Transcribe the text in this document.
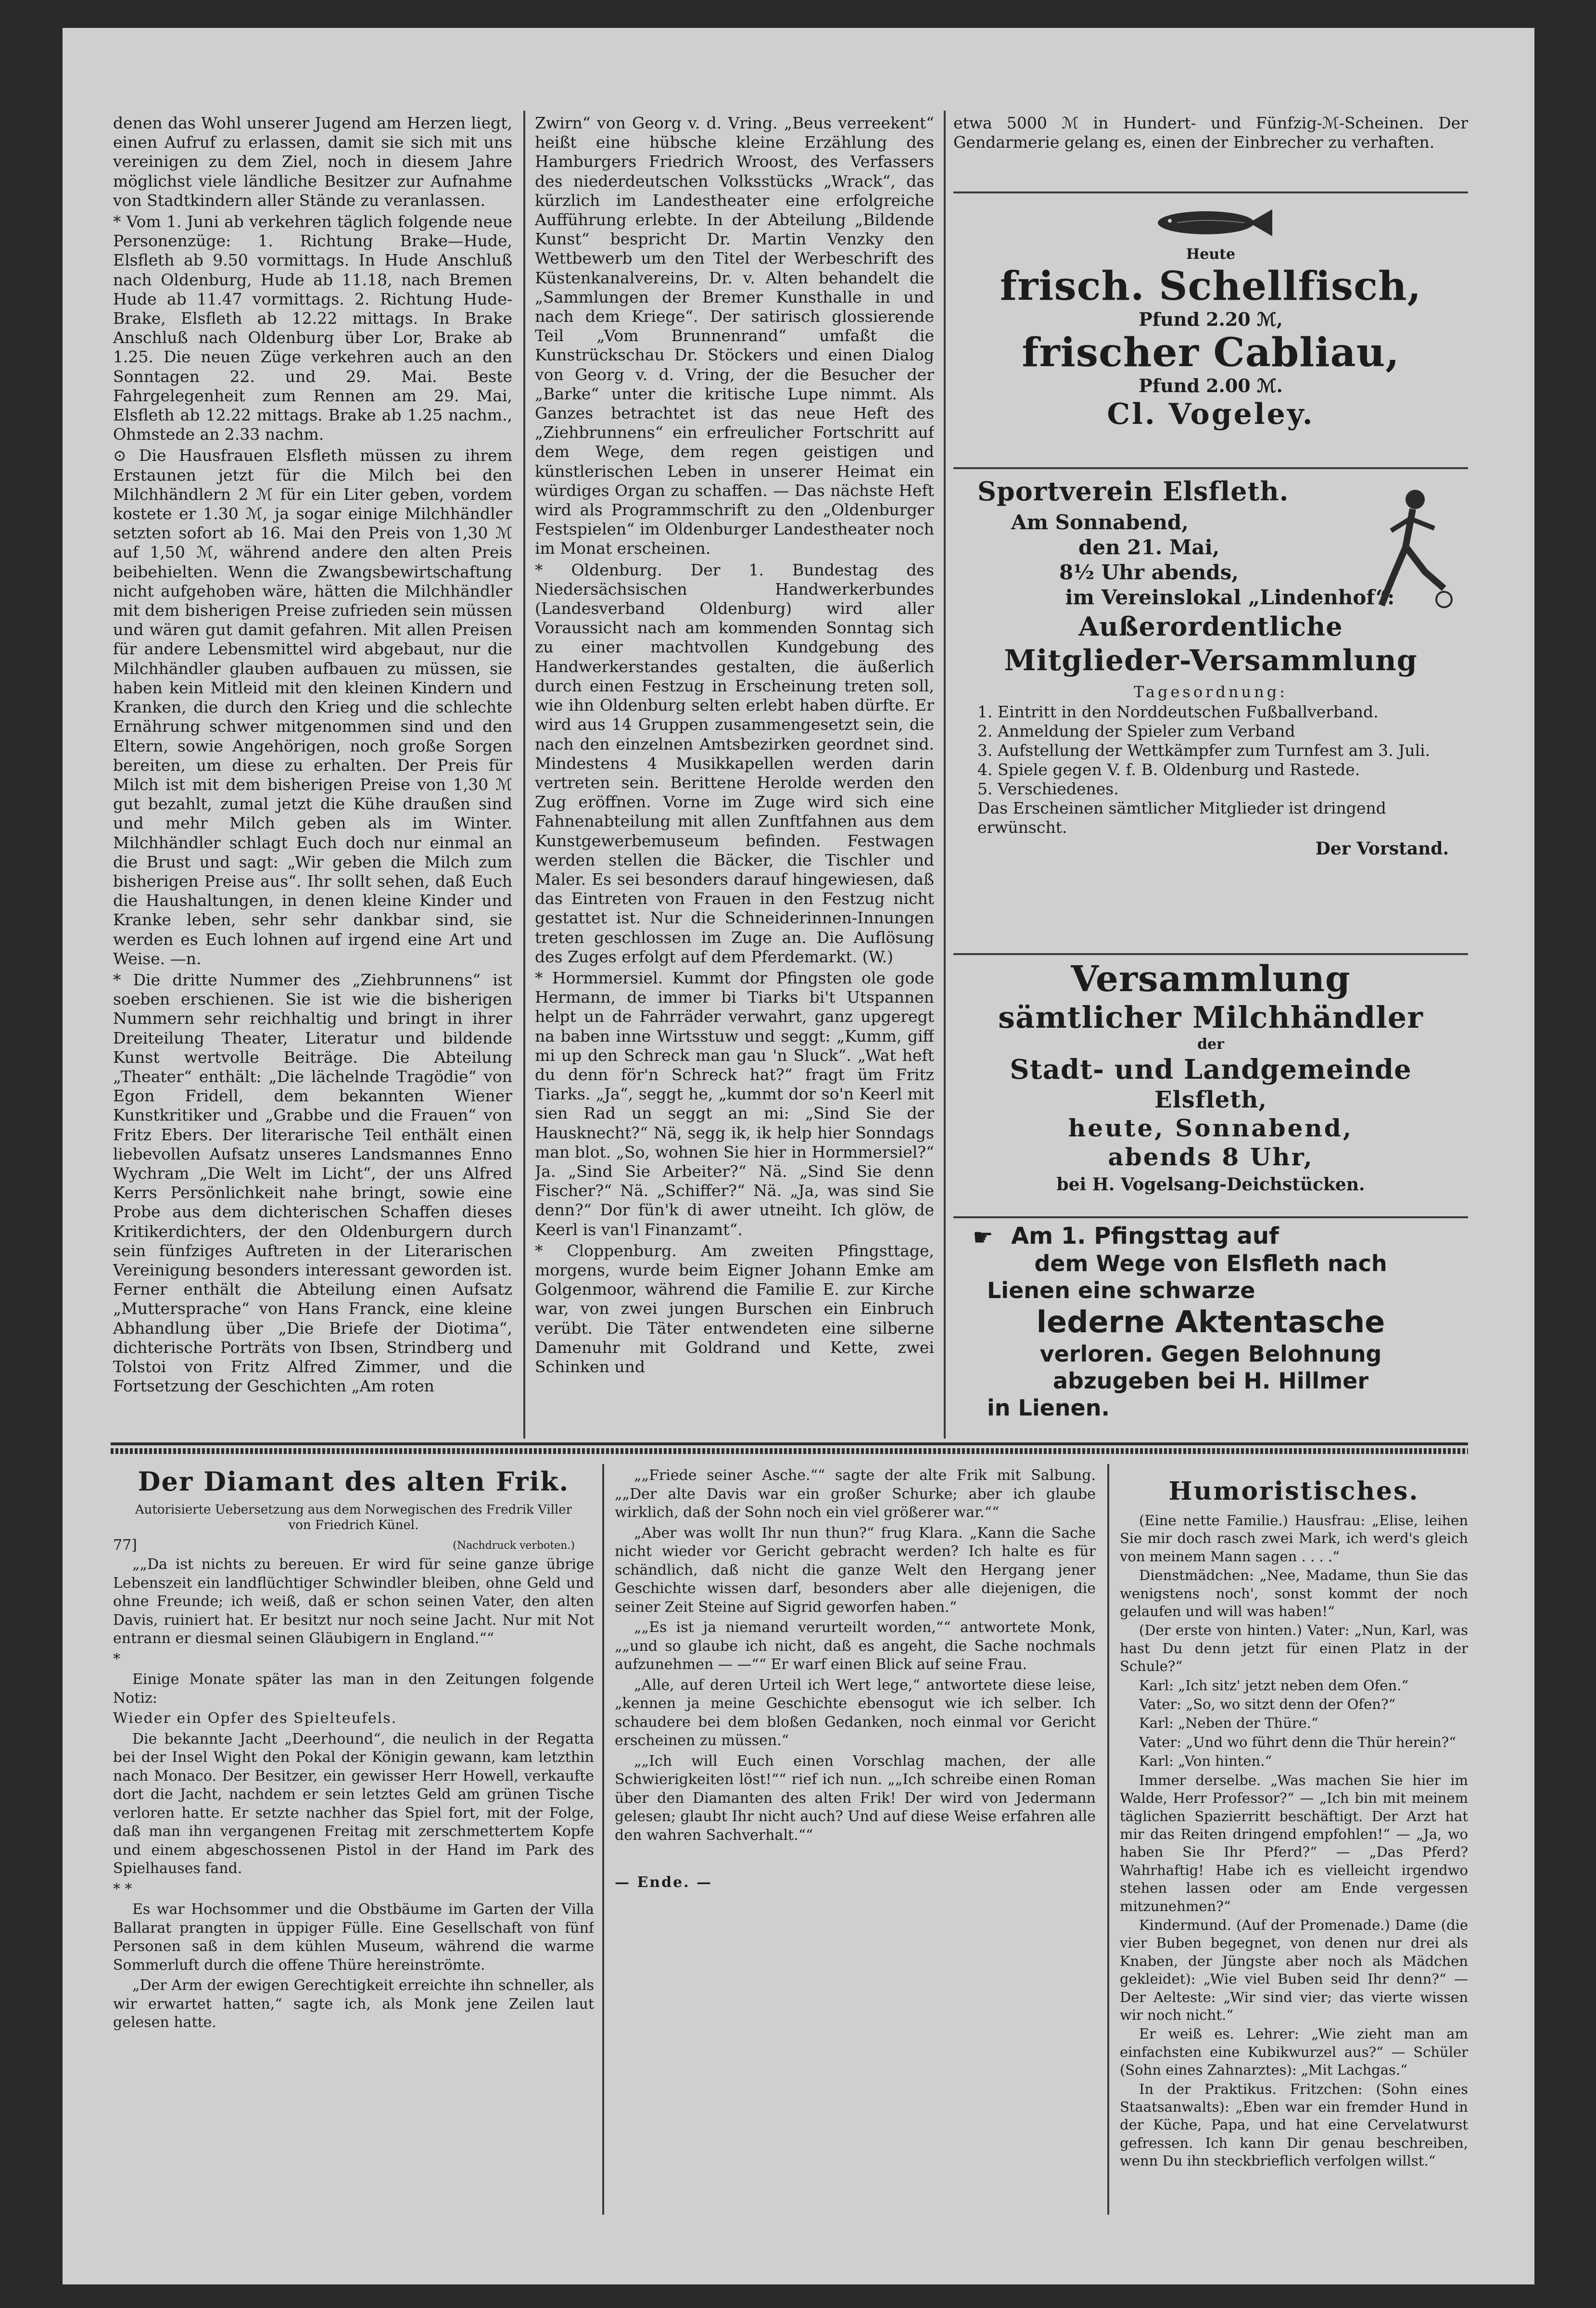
denen das Wohl unserer Jugend am Herzen liegt, einen Aufruf zu erlassen, damit sie sich mit uns vereinigen zu dem Ziel, noch in diesem Jahre möglichst viele ländliche Besitzer zur Aufnahme von Stadtkindern aller Stände zu veranlassen.

* Vom 1. Juni ab verkehren täglich folgende neue Personenzüge: 1. Richtung Brake—Hude, Elsfleth ab 9.50 vormittags. In Hude Anschluß nach Oldenburg, Hude ab 11.18, nach Bremen Hude ab 11.47 vormittags. 2. Richtung Hude-Brake, Elsfleth ab 12.22 mittags. In Brake Anschluß nach Oldenburg über Lor, Brake ab 1.25. Die neuen Züge verkehren auch an den Sonntagen 22. und 29. Mai. Beste Fahrgelegenheit zum Rennen am 29. Mai, Elsfleth ab 12.22 mittags. Brake ab 1.25 nachm., Ohmstede an 2.33 nachm.

⊙ Die Hausfrauen Elsfleth müssen zu ihrem Erstaunen jetzt für die Milch bei den Milchhändlern 2 ℳ für ein Liter geben, vordem kostete er 1.30 ℳ, ja sogar einige Milchhändler setzten sofort ab 16. Mai den Preis von 1,30 ℳ auf 1,50 ℳ, während andere den alten Preis beibehielten. Wenn die Zwangsbewirtschaftung nicht aufgehoben wäre, hätten die Milchhändler mit dem bisherigen Preise zufrieden sein müssen und wären gut damit gefahren. Mit allen Preisen für andere Lebensmittel wird abgebaut, nur die Milchhändler glauben aufbauen zu müssen, sie haben kein Mitleid mit den kleinen Kindern und Kranken, die durch den Krieg und die schlechte Ernährung schwer mitgenommen sind und den Eltern, sowie Angehörigen, noch große Sorgen bereiten, um diese zu erhalten. Der Preis für Milch ist mit dem bisherigen Preise von 1,30 ℳ gut bezahlt, zumal jetzt die Kühe draußen sind und mehr Milch geben als im Winter. Milchhändler schlagt Euch doch nur einmal an die Brust und sagt: „Wir geben die Milch zum bisherigen Preise aus“. Ihr sollt sehen, daß Euch die Haushaltungen, in denen kleine Kinder und Kranke leben, sehr sehr dankbar sind, sie werden es Euch lohnen auf irgend eine Art und Weise. —n.

* Die dritte Nummer des „Ziehbrunnens“ ist soeben erschienen. Sie ist wie die bisherigen Nummern sehr reichhaltig und bringt in ihrer Dreiteilung Theater, Literatur und bildende Kunst wertvolle Beiträge. Die Abteilung „Theater“ enthält: „Die lächelnde Tragödie“ von Egon Fridell, dem bekannten Wiener Kunstkritiker und „Grabbe und die Frauen“ von Fritz Ebers. Der literarische Teil enthält einen liebevollen Aufsatz unseres Landsmannes Enno Wychram „Die Welt im Licht“, der uns Alfred Kerrs Persönlichkeit nahe bringt, sowie eine Probe aus dem dichterischen Schaffen dieses Kritikerdichters, der den Oldenburgern durch sein fünfziges Auftreten in der Literarischen Vereinigung besonders interessant geworden ist. Ferner enthält die Abteilung einen Aufsatz „Muttersprache“ von Hans Franck, eine kleine Abhandlung über „Die Briefe der Diotima“, dichterische Porträts von Ibsen, Strindberg und Tolstoi von Fritz Alfred Zimmer, und die Fortsetzung der Geschichten „Am roten

Zwirn“ von Georg v. d. Vring. „Beus verreekent“ heißt eine hübsche kleine Erzählung des Hamburgers Friedrich Wroost, des Verfassers des niederdeutschen Volksstücks „Wrack“, das kürzlich im Landestheater eine erfolgreiche Aufführung erlebte. In der Abteilung „Bildende Kunst“ bespricht Dr. Martin Venzky den Wettbewerb um den Titel der Werbeschrift des Küstenkanalvereins, Dr. v. Alten behandelt die „Sammlungen der Bremer Kunsthalle in und nach dem Kriege“. Der satirisch glossierende Teil „Vom Brunnenrand“ umfaßt die Kunstrückschau Dr. Stöckers und einen Dialog von Georg v. d. Vring, der die Besucher der „Barke“ unter die kritische Lupe nimmt. Als Ganzes betrachtet ist das neue Heft des „Ziehbrunnens“ ein erfreulicher Fortschritt auf dem Wege, dem regen geistigen und künstlerischen Leben in unserer Heimat ein würdiges Organ zu schaffen. — Das nächste Heft wird als Programmschrift zu den „Oldenburger Festspielen“ im Oldenburger Landestheater noch im Monat erscheinen.

* Oldenburg. Der 1. Bundestag des Niedersächsischen Handwerkerbundes (Landesverband Oldenburg) wird aller Voraussicht nach am kommenden Sonntag sich zu einer machtvollen Kundgebung des Handwerkerstandes gestalten, die äußerlich durch einen Festzug in Erscheinung treten soll, wie ihn Oldenburg selten erlebt haben dürfte. Er wird aus 14 Gruppen zusammengesetzt sein, die nach den einzelnen Amtsbezirken geordnet sind. Mindestens 4 Musikkapellen werden darin vertreten sein. Berittene Herolde werden den Zug eröffnen. Vorne im Zuge wird sich eine Fahnenabteilung mit allen Zunftfahnen aus dem Kunstgewerbemuseum befinden. Festwagen werden stellen die Bäcker, die Tischler und Maler. Es sei besonders darauf hingewiesen, daß das Eintreten von Frauen in den Festzug nicht gestattet ist. Nur die Schneiderinnen-Innungen treten geschlossen im Zuge an. Die Auflösung des Zuges erfolgt auf dem Pferdemarkt. (W.)

* Hormmersiel. Kummt dor Pfingsten ole gode Hermann, de immer bi Tiarks bi't Utspannen helpt un de Fahrräder verwahrt, ganz upgeregt na baben inne Wirtsstuw und seggt: „Kumm, giff mi up den Schreck man gau 'n Sluck“. „Wat heft du denn för'n Schreck hat?“ fragt üm Fritz Tiarks. „Ja“, seggt he, „kummt dor so'n Keerl mit sien Rad un seggt an mi: „Sind Sie der Hausknecht?“ Nä, segg ik, ik help hier Sonndags man blot. „So, wohnen Sie hier in Hormmersiel?“ Ja. „Sind Sie Arbeiter?“ Nä. „Sind Sie denn Fischer?“ Nä. „Schiffer?“ Nä. „Ja, was sind Sie denn?“ Dor fün'k di awer utneiht. Ich glöw, de Keerl is van'l Finanzamt“.

* Cloppenburg. Am zweiten Pfingsttage, morgens, wurde beim Eigner Johann Emke am Golgenmoor, während die Familie E. zur Kirche war, von zwei jungen Burschen ein Einbruch verübt. Die Täter entwendeten eine silberne Damenuhr mit Goldrand und Kette, zwei Schinken und

etwa 5000 ℳ in Hundert- und Fünfzig-ℳ-Scheinen. Der Gendarmerie gelang es, einen der Einbrecher zu verhaften.

Heute
frisch. Schellfisch,
Pfund 2.20 ℳ,
frischer Cabliau,
Pfund 2.00 ℳ.
Cl. Vogeley.
Sportverein Elsfleth.
Am Sonnabend,
den 21. Mai,
8½ Uhr abends,
im Vereinslokal „Lindenhof“:
Außerordentliche
Mitglieder-Versammlung
Tagesordnung:
1. Eintritt in den Norddeutschen Fußballverband.
2. Anmeldung der Spieler zum Verband
3. Aufstellung der Wettkämpfer zum Turnfest am 3. Juli.
4. Spiele gegen V. f. B. Oldenburg und Rastede.
5. Verschiedenes.
Das Erscheinen sämtlicher Mitglieder ist dringend erwünscht.
Der Vorstand.
Versammlung
sämtlicher Milchhändler
der
Stadt- und Landgemeinde
Elsfleth,
heute, Sonnabend,
abends 8 Uhr,
bei H. Vogelsang-Deichstücken.
☛ Am 1. Pfingsttag auf
dem Wege von Elsfleth nach
Lienen eine schwarze
lederne Aktentasche
verloren. Gegen Belohnung
abzugeben bei H. Hillmer
in Lienen.
Der Diamant des alten Frik.
Autorisierte Uebersetzung aus dem Norwegischen des Fredrik Viller von Friedrich Künel.
77]	(Nachdruck verboten.)

„„Da ist nichts zu bereuen. Er wird für seine ganze übrige Lebenszeit ein landflüchtiger Schwindler bleiben, ohne Geld und ohne Freunde; ich weiß, daß er schon seinen Vater, den alten Davis, ruiniert hat. Er besitzt nur noch seine Jacht. Nur mit Not entrann er diesmal seinen Gläubigern in England.““

*

Einige Monate später las man in den Zeitungen folgende Notiz:

Wieder ein Opfer des Spielteufels.

Die bekannte Jacht „Deerhound“, die neulich in der Regatta bei der Insel Wight den Pokal der Königin gewann, kam letzthin nach Monaco. Der Besitzer, ein gewisser Herr Howell, verkaufte dort die Jacht, nachdem er sein letztes Geld am grünen Tische verloren hatte. Er setzte nachher das Spiel fort, mit der Folge, daß man ihn vergangenen Freitag mit zerschmettertem Kopfe und einem abgeschossenen Pistol in der Hand im Park des Spielhauses fand.

* *

Es war Hochsommer und die Obstbäume im Garten der Villa Ballarat prangten in üppiger Fülle. Eine Gesellschaft von fünf Personen saß in dem kühlen Museum, während die warme Sommerluft durch die offene Thüre hereinströmte.

„Der Arm der ewigen Gerechtigkeit erreichte ihn schneller, als wir erwartet hatten,“ sagte ich, als Monk jene Zeilen laut gelesen hatte.

„„Friede seiner Asche.““ sagte der alte Frik mit Salbung. „„Der alte Davis war ein großer Schurke; aber ich glaube wirklich, daß der Sohn noch ein viel größerer war.““

„Aber was wollt Ihr nun thun?“ frug Klara. „Kann die Sache nicht wieder vor Gericht gebracht werden? Ich halte es für schändlich, daß nicht die ganze Welt den Hergang jener Geschichte wissen darf, besonders aber alle diejenigen, die seiner Zeit Steine auf Sigrid geworfen haben.“

„„Es ist ja niemand verurteilt worden,““ antwortete Monk, „„und so glaube ich nicht, daß es angeht, die Sache nochmals aufzunehmen — —““ Er warf einen Blick auf seine Frau.

„Alle, auf deren Urteil ich Wert lege,“ antwortete diese leise, „kennen ja meine Geschichte ebensogut wie ich selber. Ich schaudere bei dem bloßen Gedanken, noch einmal vor Gericht erscheinen zu müssen.“

„„Ich will Euch einen Vorschlag machen, der alle Schwierigkeiten löst!““ rief ich nun. „„Ich schreibe einen Roman über den Diamanten des alten Frik! Der wird von Jedermann gelesen; glaubt Ihr nicht auch? Und auf diese Weise erfahren alle den wahren Sachverhalt.““

— Ende. —

Humoristisches.

(Eine nette Familie.) Hausfrau: „Elise, leihen Sie mir doch rasch zwei Mark, ich werd's gleich von meinem Mann sagen . . . .“

Dienstmädchen: „Nee, Madame, thun Sie das wenigstens noch', sonst kommt der noch gelaufen und will was haben!“

(Der erste von hinten.) Vater: „Nun, Karl, was hast Du denn jetzt für einen Platz in der Schule?“

Karl: „Ich sitz' jetzt neben dem Ofen.“

Vater: „So, wo sitzt denn der Ofen?“

Karl: „Neben der Thüre.“

Vater: „Und wo führt denn die Thür herein?“

Karl: „Von hinten.“

Immer derselbe. „Was machen Sie hier im Walde, Herr Professor?“ — „Ich bin mit meinem täglichen Spazierritt beschäftigt. Der Arzt hat mir das Reiten dringend empfohlen!“ — „Ja, wo haben Sie Ihr Pferd?“ — „Das Pferd? Wahrhaftig! Habe ich es vielleicht irgendwo stehen lassen oder am Ende vergessen mitzunehmen?“

Kindermund. (Auf der Promenade.) Dame (die vier Buben begegnet, von denen nur drei als Knaben, der Jüngste aber noch als Mädchen gekleidet): „Wie viel Buben seid Ihr denn?“ — Der Aelteste: „Wir sind vier; das vierte wissen wir noch nicht.“

Er weiß es. Lehrer: „Wie zieht man am einfachsten eine Kubikwurzel aus?“ — Schüler (Sohn eines Zahnarztes): „Mit Lachgas.“

In der Praktikus. Fritzchen: (Sohn eines Staatsanwalts): „Eben war ein fremder Hund in der Küche, Papa, und hat eine Cervelatwurst gefressen. Ich kann Dir genau beschreiben, wenn Du ihn steckbrieflich verfolgen willst.“
